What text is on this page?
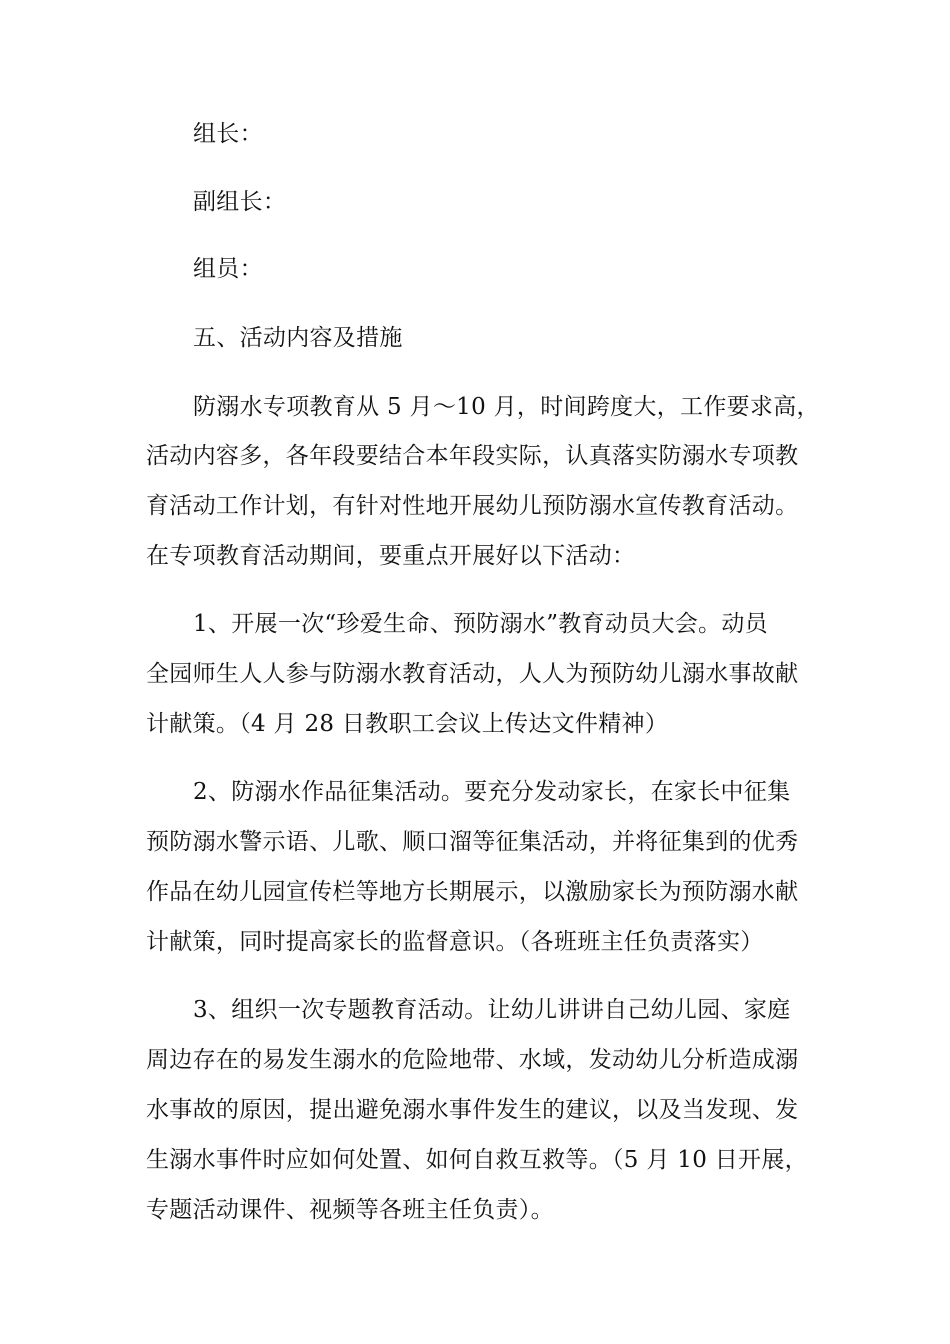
组长：
副组长：
组员：
五、活动内容及措施
防溺水专项教育从 5 月～10 月，时间跨度大，工作要求高，
活动内容多，各年段要结合本年段实际，认真落实防溺水专项教
育活动工作计划，有针对性地开展幼儿预防溺水宣传教育活动。
在专项教育活动期间，要重点开展好以下活动：
1、开展一次“珍爱生命、预防溺水”教育动员大会。动员
全园师生人人参与防溺水教育活动，人人为预防幼儿溺水事故献
计献策。（4 月 28 日教职工会议上传达文件精神）
2、防溺水作品征集活动。要充分发动家长，在家长中征集
预防溺水警示语、儿歌、顺口溜等征集活动，并将征集到的优秀
作品在幼儿园宣传栏等地方长期展示，以激励家长为预防溺水献
计献策，同时提高家长的监督意识。（各班班主任负责落实）
3、组织一次专题教育活动。让幼儿讲讲自己幼儿园、家庭
周边存在的易发生溺水的危险地带、水域，发动幼儿分析造成溺
水事故的原因，提出避免溺水事件发生的建议，以及当发现、发
生溺水事件时应如何处置、如何自救互救等。（5 月 10 日开展，
专题活动课件、视频等各班主任负责）。
